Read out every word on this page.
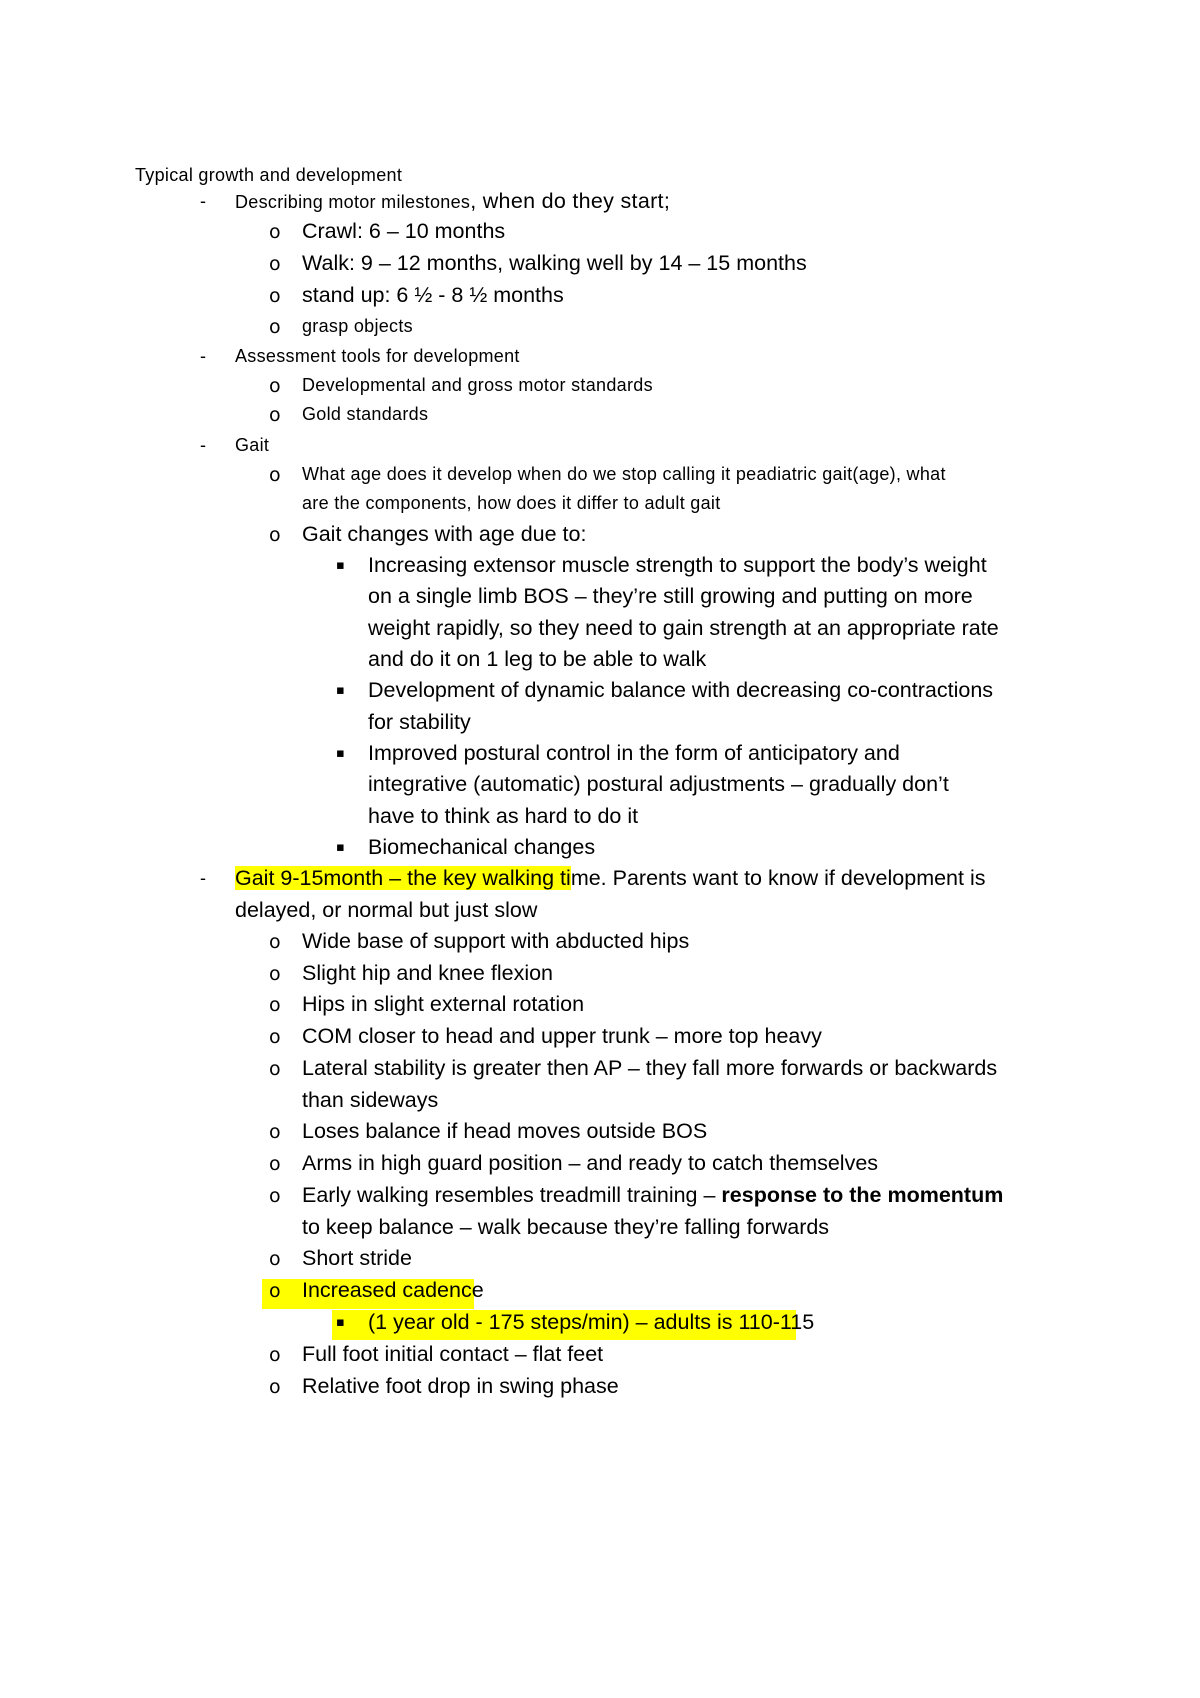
Typical growth and development
- Describing motor milestones, when do they start;
o Crawl: 6 – 10 months
o Walk: 9 – 12 months, walking well by 14 – 15 months
o stand up: 6 ½ - 8 ½ months
o grasp objects
- Assessment tools for development
o Developmental and gross motor standards
o Gold standards
- Gait
o What age does it develop when do we stop calling it peadiatric gait(age), what
are the components, how does it differ to adult gait
o Gait changes with age due to:
▪ Increasing extensor muscle strength to support the body’s weight
on a single limb BOS – they’re still growing and putting on more
weight rapidly, so they need to gain strength at an appropriate rate
and do it on 1 leg to be able to walk
▪ Development of dynamic balance with decreasing co-contractions
for stability
▪ Improved postural control in the form of anticipatory and
integrative (automatic) postural adjustments – gradually don’t
have to think as hard to do it
▪ Biomechanical changes
- Gait 9-15month – the key walking time. Parents want to know if development is
delayed, or normal but just slow
o Wide base of support with abducted hips
o Slight hip and knee flexion
o Hips in slight external rotation
o COM closer to head and upper trunk – more top heavy
o Lateral stability is greater then AP – they fall more forwards or backwards
than sideways
o Loses balance if head moves outside BOS
o Arms in high guard position – and ready to catch themselves
o Early walking resembles treadmill training – response to the momentum
to keep balance – walk because they’re falling forwards
o Short stride
o Increased cadence
▪ (1 year old - 175 steps/min) – adults is 110-115
o Full foot initial contact – flat feet
o Relative foot drop in swing phase
